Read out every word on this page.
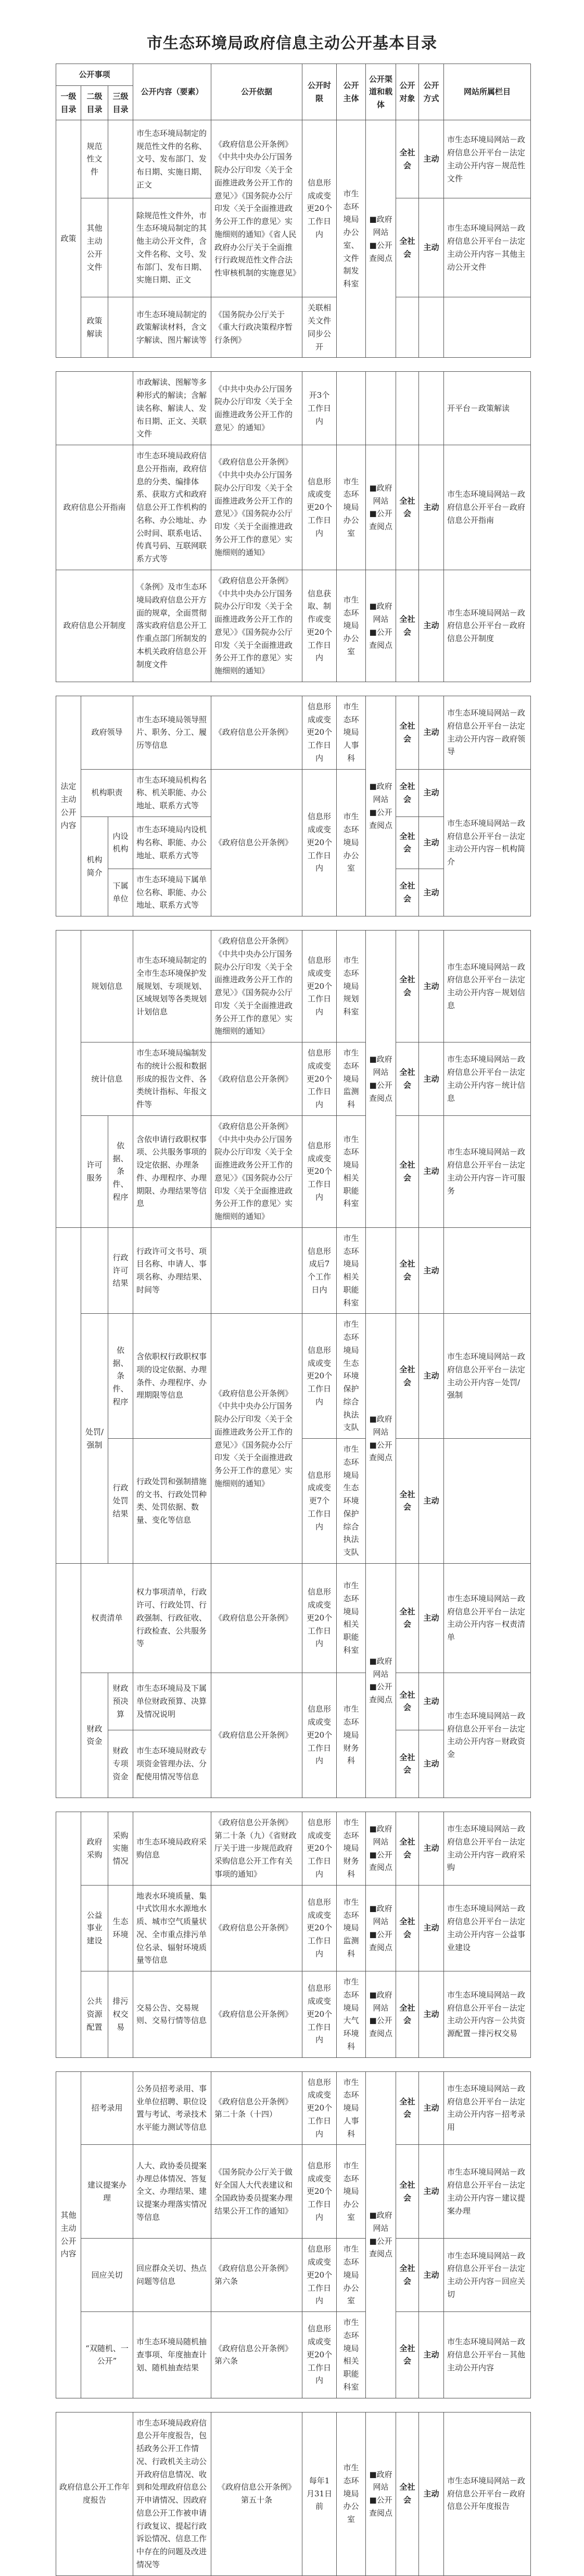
市生态环境局政府信息主动公开基本目录
公开事项			公开内容（要素）	公开依据	公开时限	公开主体	公开渠道和载体	公开对象	公开方式	网站所属栏目
一级目录	二级目录	三级目录								
政策	规范性文件		市生态环境局制定的规范性文件的名称、文号、发布部门、发布日期、实施日期、正文	《政府信息公开条例》《中共中央办公厅国务院办公厅印发〈关于全面推进政务公开工作的意见〉》《国务院办公厅印发〈关于全面推进政务公开工作的意见〉实施细则的通知》《省人民政府办公厅关于全面推行行政规范性文件合法性审核机制的实施意见》	信息形成或变更20个工作日内	市生态环境局办公室、文件制发科室	■政府网站 ■公开查阅点	全社会	主动	市生态环境局网站－政府信息公开平台－法定主动公开内容－规范性文件
	其他主动公开文件		除规范性文件外，市生态环境局制定的其他主动公开文件，含文件名称、文号、发布部门、发布日期、实施日期、正文					全社会	主动	市生态环境局网站－政府信息公开平台－法定主动公开内容－其他主动公开文件
	政策解读		市生态环境局制定的政策解读材料，含文字解读、图片解读等	《国务院办公厅关于《重大行政决策程序暂行条例》	关联相关文件同步公开					

			市政解读、图解等多种形式的解读；含解读名称、解读人、发布日期、正文、关联文件	《中共中央办公厅国务院办公厅印发〈关于全面推进政务公开工作的意见〉的通知》	开3个工作日内					开平台－政策解读
政府信息公开指南			市生态环境局政府信息公开指南，政府信息的分类、编排体系、获取方式和政府信息公开工作机构的名称、办公地址、办公时间、联系电话、传真号码、互联网联系方式等	《政府信息公开条例》《中共中央办公厅国务院办公厅印发〈关于全面推进政务公开工作的意见〉》《国务院办公厅印发〈关于全面推进政务公开工作的意见〉实施细则的通知》	信息形成或变更20个工作日内	市生态环境局办公室	■政府网站 ■公开查阅点	全社会	主动	市生态环境局网站－政府信息公开平台－政府信息公开指南
政府信息公开制度			《条例》及市生态环境局政府信息公开方面的规章，全面贯彻落实政府信息公开工作重点部门所制发的本机关政府信息公开制度文件	《政府信息公开条例》《中共中央办公厅国务院办公厅印发〈关于全面推进政务公开工作的意见〉》《国务院办公厅印发〈关于全面推进政务公开工作的意见〉实施细则的通知》	信息获取、制作或变更20个工作日内	市生态环境局办公室	■政府网站 ■公开查阅点	全社会	主动	市生态环境局网站－政府信息公开平台－政府信息公开制度

法定主动公开内容	政府领导		市生态环境局领导照片、职务、分工、履历等信息	《政府信息公开条例》	信息形成或变更20个工作日内	市生态环境局人事科	■政府网站 ■公开查阅点	全社会	主动	市生态环境局网站－政府信息公开平台－法定主动公开内容－政府领导
	机构职责		市生态环境局机构名称、机关职能、办公地址、联系方式等	《政府信息公开条例》	信息形成或变更20个工作日内	市生态环境局办公室		全社会	主动	市生态环境局网站－政府信息公开平台－法定主动公开内容－机构简介
	机构简介	内设机构	市生态环境局内设机构名称、职能、办公地址、联系方式等					全社会	主动	
		下属单位	市生态环境局下属单位名称、职能、办公地址、联系方式等					全社会	主动	

	规划信息		市生态环境局制定的全市生态环境保护发展规划、专项规划、区域规划等各类规划计划信息	《政府信息公开条例》《中共中央办公厅国务院办公厅印发〈关于全面推进政务公开工作的意见〉》《国务院办公厅印发〈关于全面推进政务公开工作的意见〉实施细则的通知》	信息形成或变更20个工作日内	市生态环境局规划科室	■政府网站 ■公开查阅点	全社会	主动	市生态环境局网站－政府信息公开平台－法定主动公开内容－规划信息
	统计信息		市生态环境局编制发布的统计公报和数据形成的报告文件、各类统计指标、年报文件等	《政府信息公开条例》	信息形成或变更20个工作日内	市生态环境局监测科		全社会	主动	市生态环境局网站－政府信息公开平台－法定主动公开内容－统计信息
	许可服务	依据、条件、程序	含依申请行政职权事项、公共服务事项的设定依据、办理条件、办理程序、办理期限、办理结果等信息	《政府信息公开条例》《中共中央办公厅国务院办公厅印发〈关于全面推进政务公开工作的意见〉》《国务院办公厅印发〈关于全面推进政务公开工作的意见〉实施细则的通知》	信息形成或变更20个工作日内	市生态环境局相关职能科室		全社会	主动	市生态环境局网站－政府信息公开平台－法定主动公开内容－许可服务
		行政许可结果	行政许可文书号、项目名称、申请人、事项名称、办理结果、时间等		信息形成后7个工作日内	市生态环境局相关职能科室		全社会	主动	
	处罚/强制	依据、条件、程序	含依职权行政职权事项的设定依据、办理条件、办理程序、办理期限等信息	《政府信息公开条例》《中共中央办公厅国务院办公厅印发〈关于全面推进政务公开工作的意见〉》《国务院办公厅印发〈关于全面推进政务公开工作的意见〉实施细则的通知》	信息形成或变更20个工作日内	市生态环境局生态环境保护综合执法支队	■政府网站 ■公开查阅点	全社会	主动	市生态环境局网站－政府信息公开平台－法定主动公开内容－处罚/强制
		行政处罚结果	行政处罚和强制措施的文书、行政处罚种类、处罚依据、数量、变化等信息		信息形成或变更7个工作日内	市生态环境局生态环境保护综合执法支队		全社会	主动	
	权责清单		权力事项清单，行政许可、行政处罚、行政强制、行政征收、行政检查、公共服务等	《政府信息公开条例》	信息形成或变更20个工作日内	市生态环境局相关职能科室	■政府网站 ■公开查阅点	全社会	主动	市生态环境局网站－政府信息公开平台－法定主动公开内容－权责清单
	财政资金	财政预决算	市生态环境局及下属单位财政预算、决算及情况说明	《政府信息公开条例》	信息形成或变更20个工作日内	市生态环境局财务科		全社会	主动	市生态环境局网站－政府信息公开平台－法定主动公开内容－财政资金
		财政专项资金	市生态环境局财政专项资金管理办法、分配使用情况等信息					全社会	主动	

	政府采购	采购实施情况	市生态环境局政府采购信息	《政府信息公开条例》第二十条（九）《省财政厅关于进一步规范政府采购信息公开工作有关事项的通知》	信息形成或变更20个工作日内	市生态环境局财务科	■政府网站 ■公开查阅点	全社会	主动	市生态环境局网站－政府信息公开平台－法定主动公开内容－政府采购
	公益事业建设	生态环境	地表水环境质量、集中式饮用水水源地水质、城市空气质量状况、全市重点排污单位名录、辐射环境质量等信息	《政府信息公开条例》	信息形成或变更20个工作日内	市生态环境局监测科	■政府网站 ■公开查阅点	全社会	主动	市生态环境局网站－政府信息公开平台－法定主动公开内容－公益事业建设
	公共资源配置	排污权交易	交易公告、交易规则、交易行情等信息	《政府信息公开条例》	信息形成或变更20个工作日内	市生态环境局大气环境科	■政府网站 ■公开查阅点	全社会	主动	市生态环境局网站－政府信息公开平台－法定主动公开内容－公共资源配置－排污权交易

其他主动公开内容	招考录用		公务员招考录用、事业单位招聘、职位设置与考试、考录技术水平能力测试等信息	《政府信息公开条例》第二十条（十四）	信息形成或变更20个工作日内	市生态环境局人事科	■政府网站 ■公开查阅点	全社会	主动	市生态环境局网站－政府信息公开平台－法定主动公开内容－招考录用
	建议提案办理		人大、政协委员提案办理总体情况、答复全文、办理结果、建议提案办理落实情况等信息	《国务院办公厅关于做好全国人大代表建议和全国政协委员提案办理结果公开工作的通知》	信息形成或变更20个工作日内	市生态环境局办公室		全社会	主动	市生态环境局网站－政府信息公开平台－法定主动公开内容－建议提案办理
	回应关切		回应群众关切、热点问题等信息	《政府信息公开条例》第六条	信息形成或变更20个工作日内	市生态环境局办公室		全社会	主动	市生态环境局网站－政府信息公开平台－法定主动公开内容－回应关切
	“双随机、一公开”		市生态环境局随机抽查事项、年度抽查计划、随机抽查结果	《政府信息公开条例》第六条	信息形成或变更20个工作日内	市生态环境局相关职能科室		全社会	主动	市生态环境局网站－政府信息公开平台－其他主动公开内容

政府信息公开工作年度报告			市生态环境局政府信息公开年度报告，包括政务公开工作情况、行政机关主动公开政府信息情况、收到和处理政府信息公开申请情况、因政府信息公开工作被申请行政复议、提起行政诉讼情况、信息工作中存在的问题及改进情况等	《政府信息公开条例》第五十条	每年1月31日前	市生态环境局办公室	■政府网站 ■公开查阅点	全社会	主动	市生态环境局网站－政府信息公开平台－政府信息公开年度报告
